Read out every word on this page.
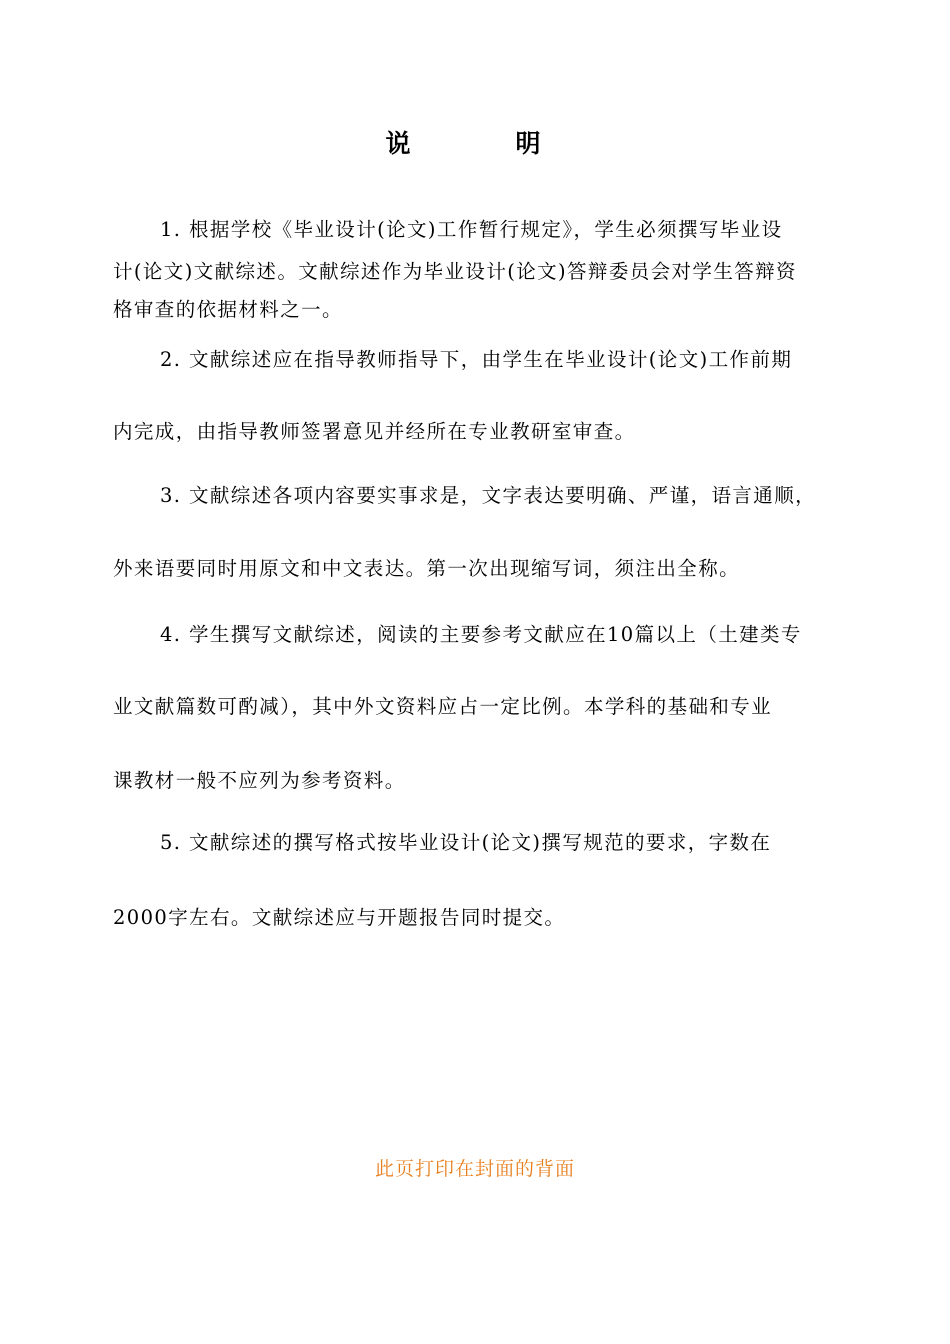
说　明
1. 根据学校《毕业设计(论文)工作暂行规定》，学生必须撰写毕业设
计(论文)文献综述。文献综述作为毕业设计(论文)答辩委员会对学生答辩资
格审查的依据材料之一。
2. 文献综述应在指导教师指导下，由学生在毕业设计(论文)工作前期
内完成，由指导教师签署意见并经所在专业教研室审查。
3. 文献综述各项内容要实事求是，文字表达要明确、严谨，语言通顺，
外来语要同时用原文和中文表达。第一次出现缩写词，须注出全称。
4. 学生撰写文献综述，阅读的主要参考文献应在10篇以上（土建类专
业文献篇数可酌减），其中外文资料应占一定比例。本学科的基础和专业
课教材一般不应列为参考资料。
5. 文献综述的撰写格式按毕业设计(论文)撰写规范的要求，字数在
2000字左右。文献综述应与开题报告同时提交。
此页打印在封面的背面
